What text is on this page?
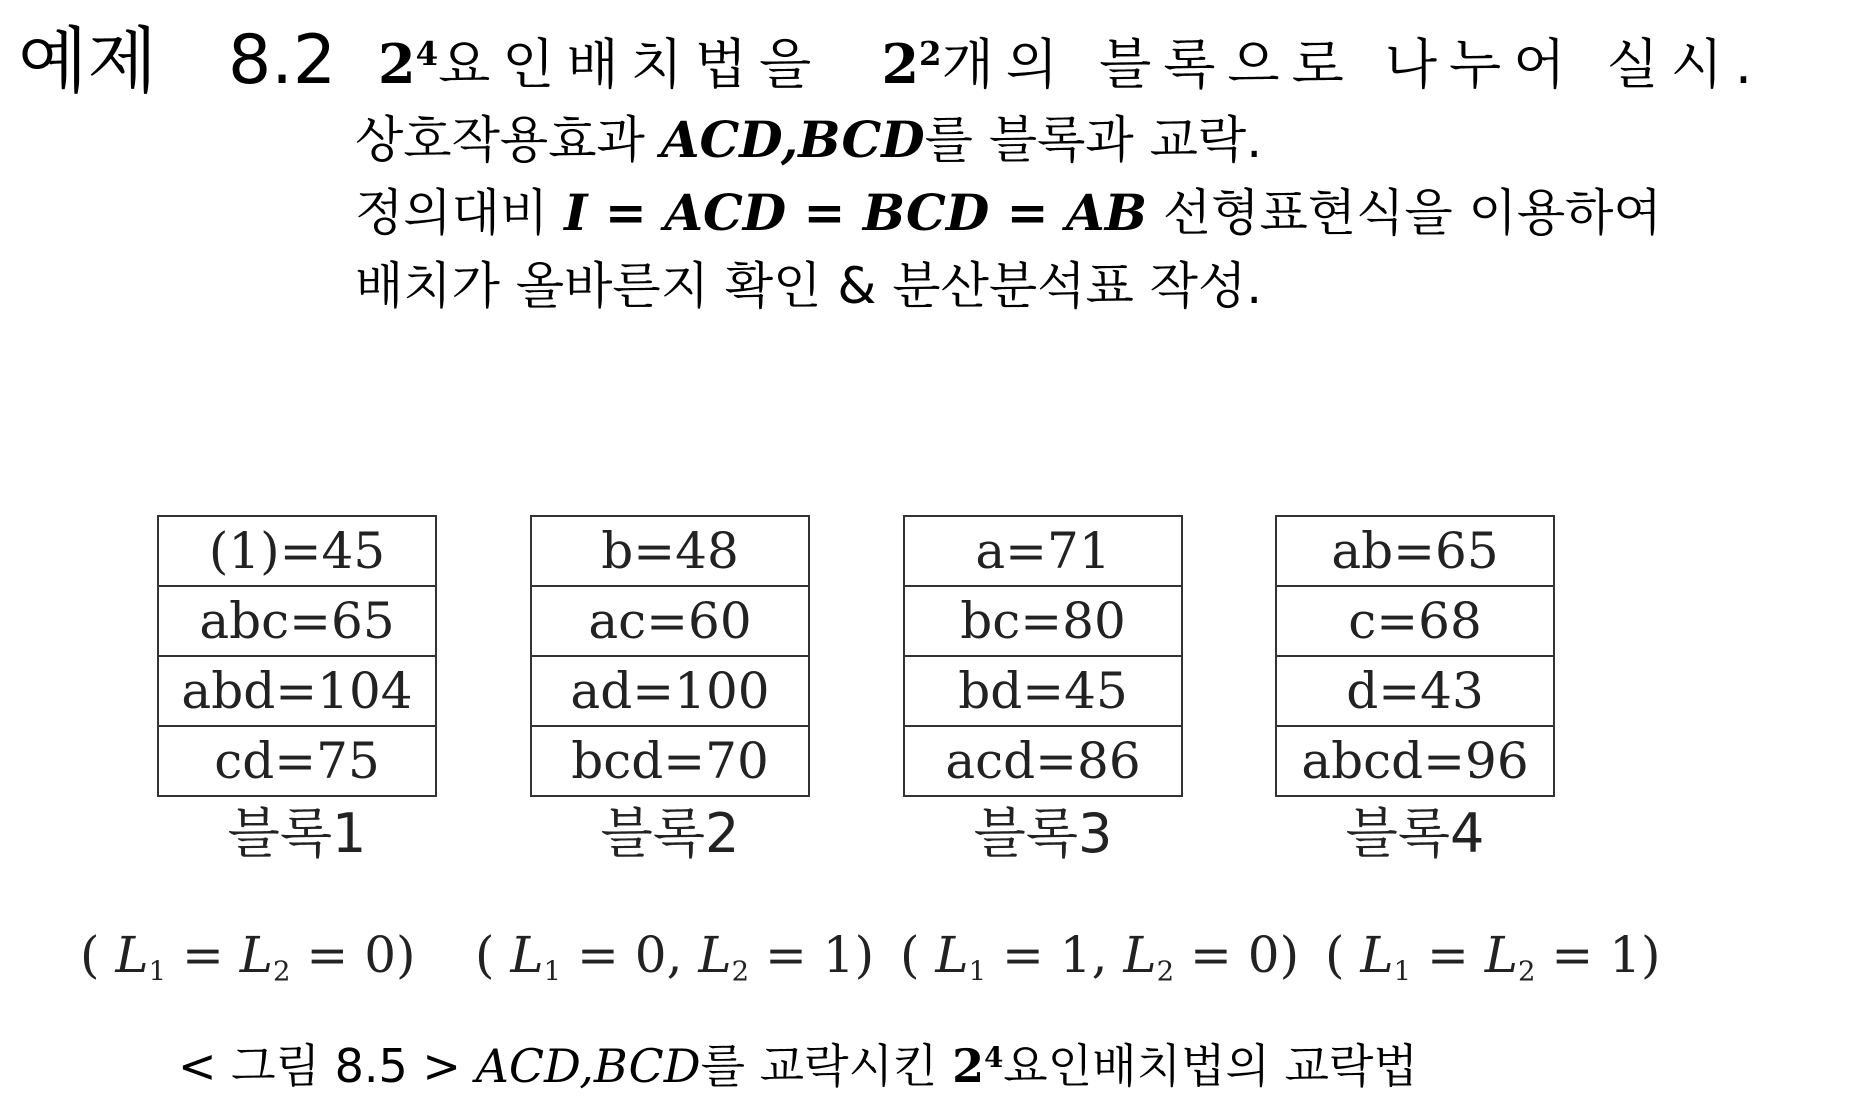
예제 8.2 $2^4$요인배치법을 $2^2$개의 블록으로 나누어 실시.
상호작용효과 ACD,BCD를 블록과 교락.
정의대비 I = ACD = BCD = AB 선형표현식을 이용하여
배치가 올바른지 확인 & 분산분석표 작성.
(1)=45
abc=65
abd=104
cd=75
블록1
b=48
ac=60
ad=100
bcd=70
블록2
a=71
bc=80
bd=45
acd=86
블록3
ab=65
c=68
d=43
abcd=96
블록4
( $L_1 = L_2 = 0$) ( $L_1 = 0$, $L_2 = 1$) ( $L_1 = 1$, $L_2 = 0$) ( $L_1 = L_2 = 1$)
< 그림 8.5 > ACD,BCD를 교락시킨 $2^4$요인배치법의 교락법
